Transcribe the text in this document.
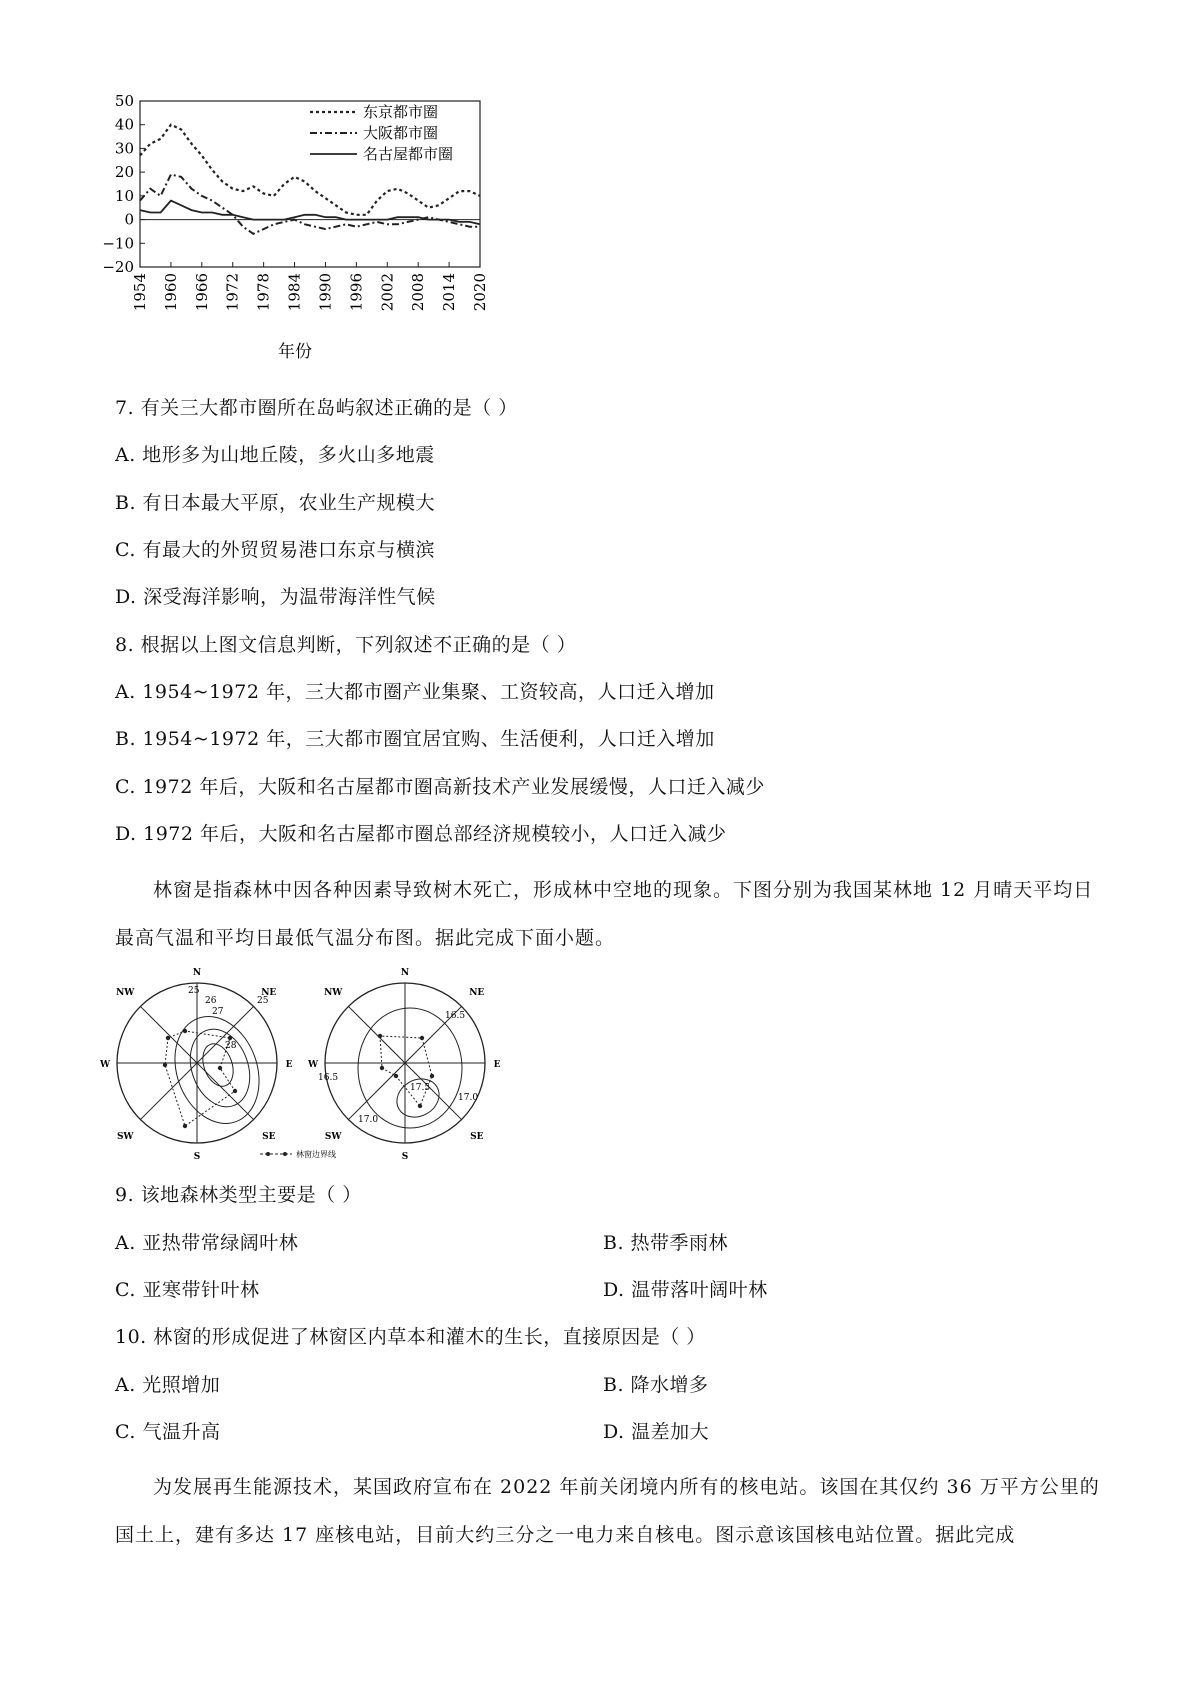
50
40
30
20
10
0
−10
−20
1954 1960 1966 1972 1978 1984 1990 1996 2002 2008 2014 2020
年份
东京都市圈
大阪都市圈
名古屋都市圈
7. 有关三大都市圈所在岛屿叙述正确的是（ ）
A. 地形多为山地丘陵，多火山多地震
B. 有日本最大平原，农业生产规模大
C. 有最大的外贸贸易港口东京与横滨
D. 深受海洋影响，为温带海洋性气候
8. 根据以上图文信息判断，下列叙述不正确的是（ ）
A. 1954~1972 年，三大都市圈产业集聚、工资较高，人口迁入增加
B. 1954~1972 年，三大都市圈宜居宜购、生活便利，人口迁入增加
C. 1972 年后，大阪和名古屋都市圈高新技术产业发展缓慢，人口迁入减少
D. 1972 年后，大阪和名古屋都市圈总部经济规模较小，人口迁入减少
林窗是指森林中因各种因素导致树木死亡，形成林中空地的现象。下图分别为我国某林地 12 月晴天平均日最高气温和平均日最低气温分布图。据此完成下面小题。
N
NE
E
SE
S
SW
W
NW	25
26
27
28
25
N
NE
E
SE
S
SW
W
NW
16.5
16.5
17.5
17.0
17.0
林窗边界线
9. 该地森林类型主要是（ ）
A. 亚热带常绿阔叶林	B. 热带季雨林
C. 亚寒带针叶林	D. 温带落叶阔叶林
10. 林窗的形成促进了林窗区内草本和灌木的生长，直接原因是（ ）
A. 光照增加	B. 降水增多
C. 气温升高	D. 温差加大
为发展再生能源技术，某国政府宣布在 2022 年前关闭境内所有的核电站。该国在其仅约 36 万平方公里的国土上，建有多达 17 座核电站，目前大约三分之一电力来自核电。图示意该国核电站位置。据此完成
